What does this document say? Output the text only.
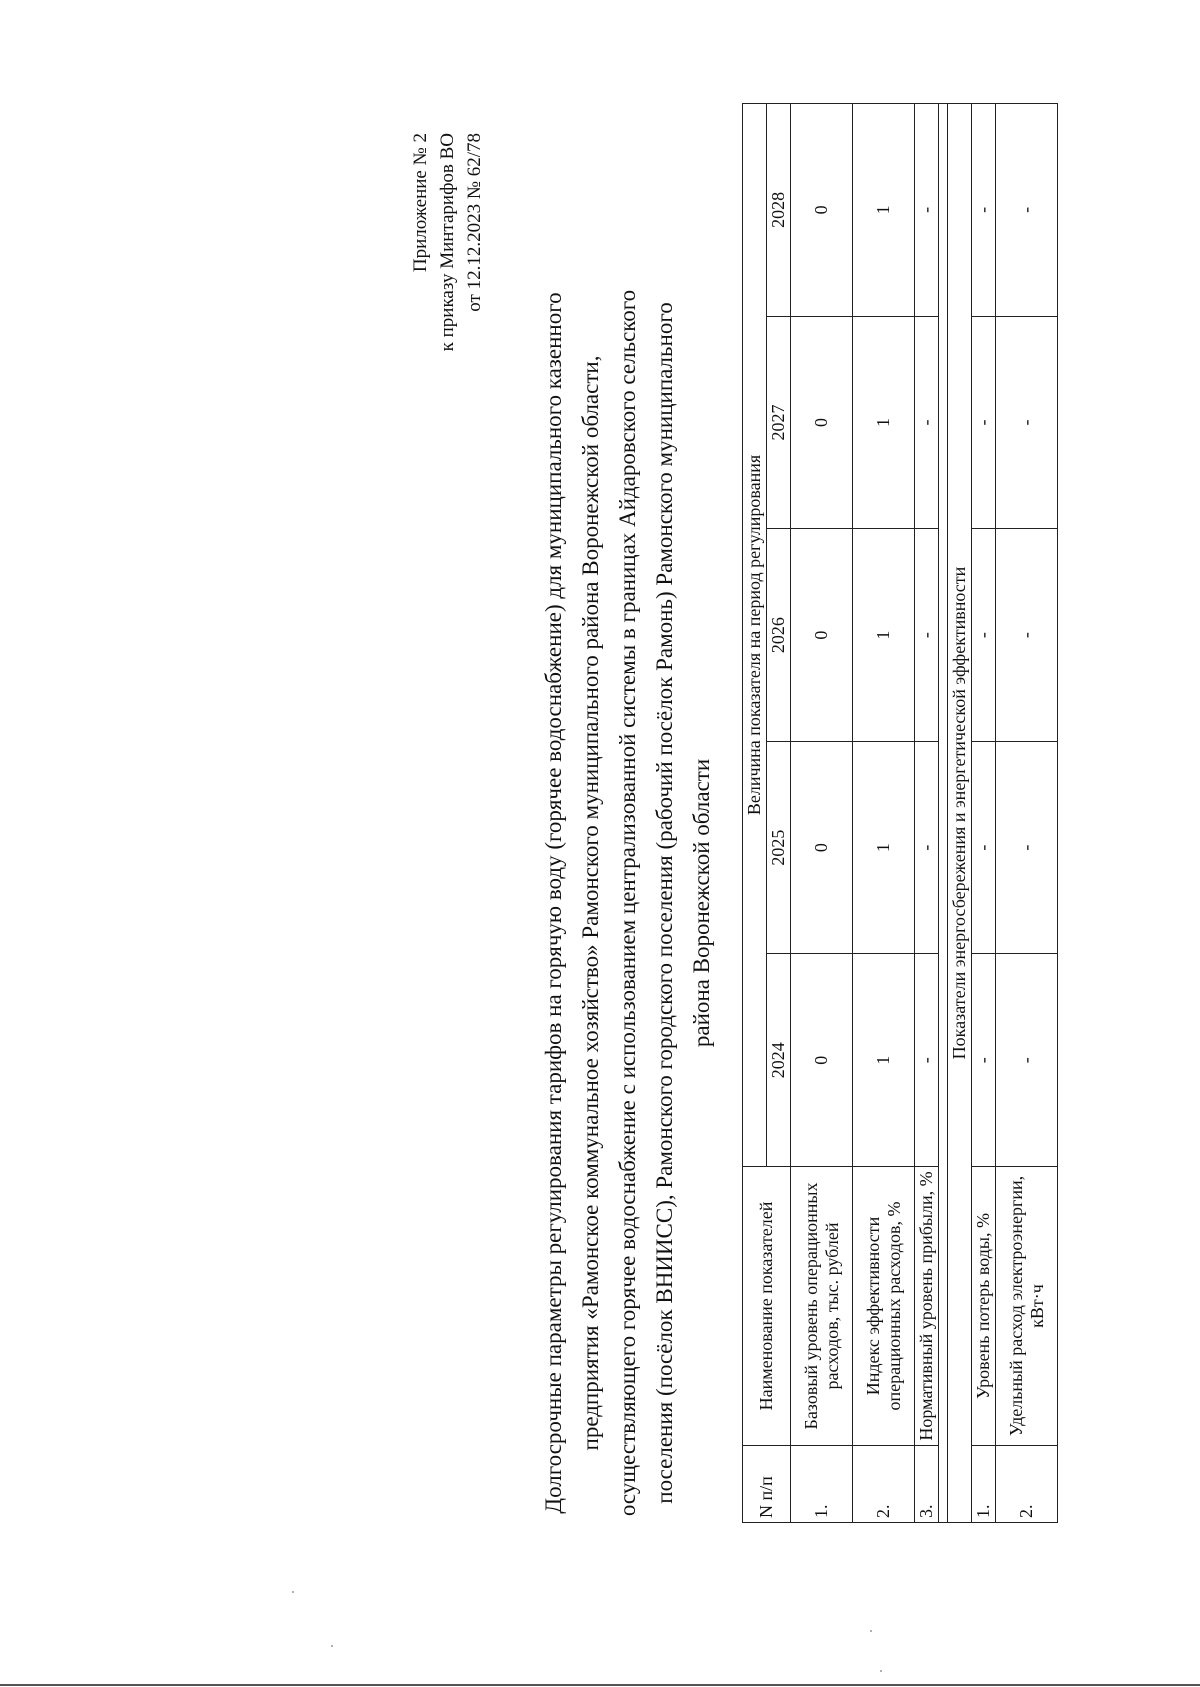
Приложение № 2 к приказу Минтарифов ВО от 12.12.2023 № 62/78
Долгосрочные параметры регулирования тарифов на горячую воду (горячее водоснабжение) для муниципального казенного предприятия «Рамонское коммунальное хозяйство» Рамонского муниципального района Воронежской области, осуществляющего горячее водоснабжение с использованием централизованной системы в границах Айдаровского сельского поселения (посёлок ВНИИСС), Рамонского городского поселения (рабочий посёлок Рамонь) Рамонского муниципального района Воронежской области
N п/п	Наименование показателей	Величина показателя на период регулирования				
		2024	2025	2026	2027	2028
1.	Базовый уровень операционных расходов, тыс. рублей	0	0	0	0	0
2.	Индекс эффективности операционных расходов, %	1	1	1	1	1
3.	Нормативный уровень прибыли, %	-	-	-	-	-

Показатели энергосбережения и энергетической эффективности						
1.	Уровень потерь воды, %	-	-	-	-	-
2.	Удельный расход электроэнергии, кВт·ч	-	-	-	-	-
